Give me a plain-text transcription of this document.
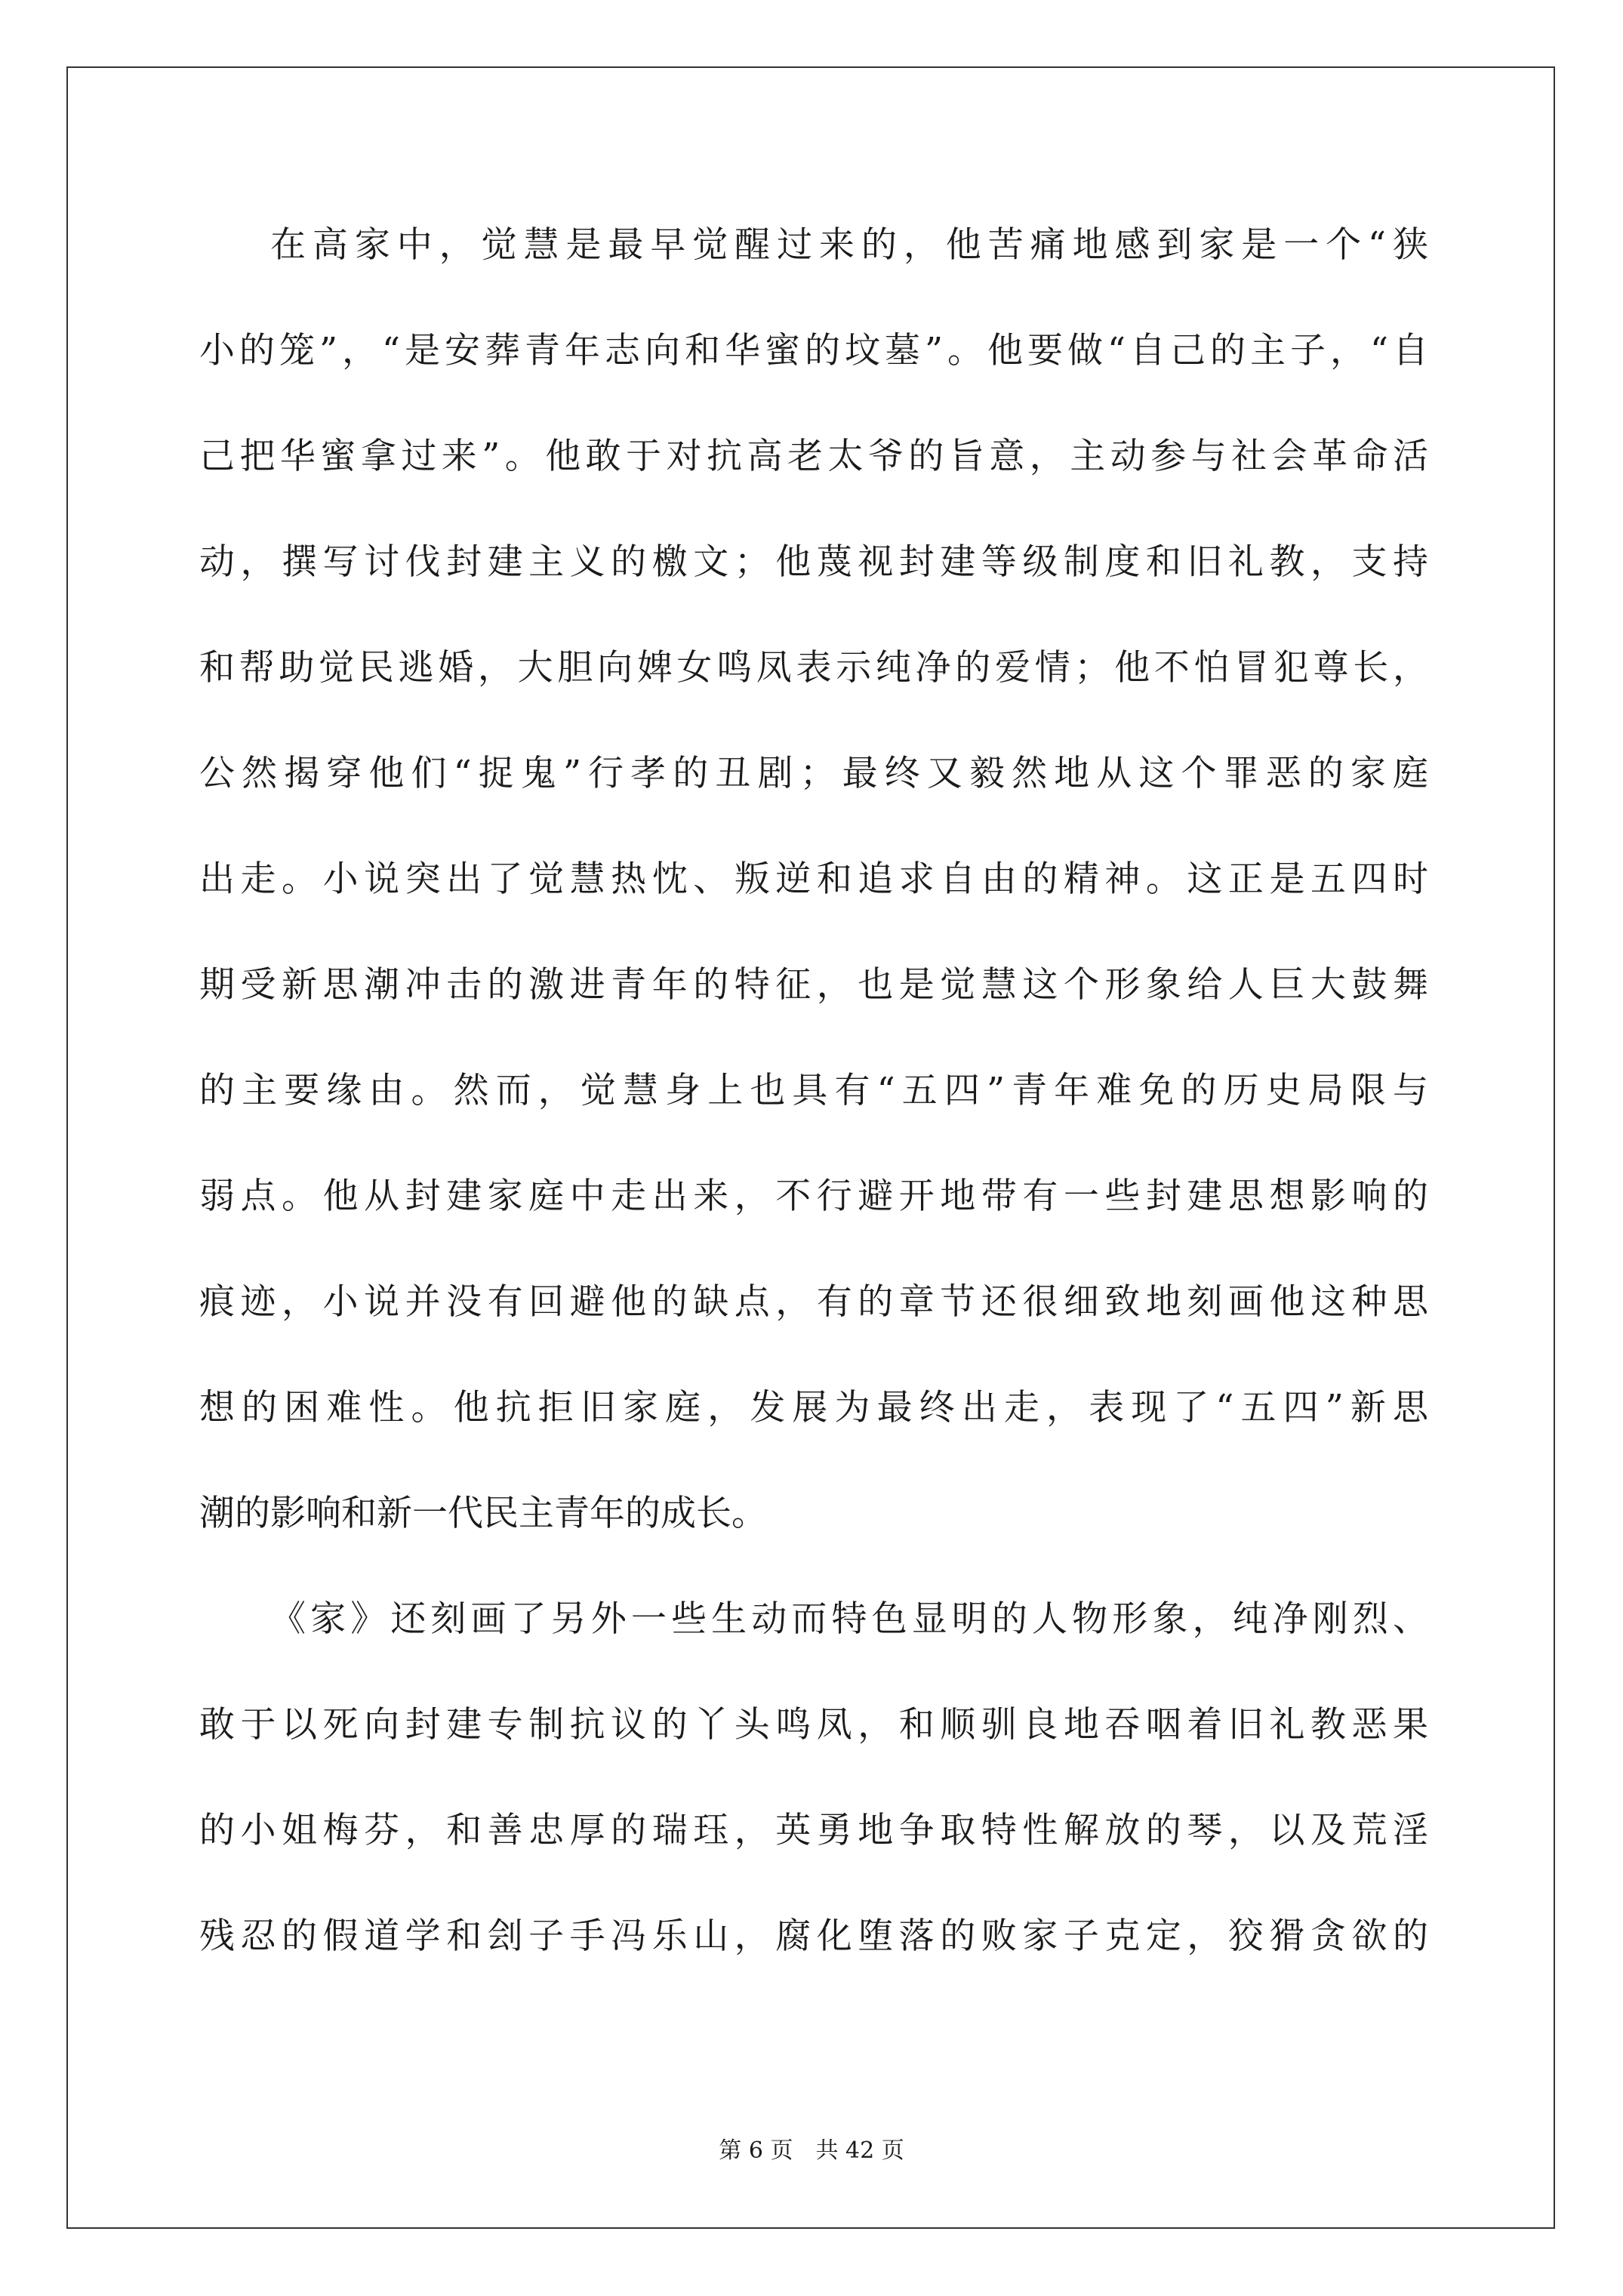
在高家中，觉慧是最早觉醒过来的，他苦痛地感到家是一个“狭
小的笼”，“是安葬青年志向和华蜜的坟墓”。他要做“自己的主子，“自
己把华蜜拿过来”。他敢于对抗高老太爷的旨意，主动参与社会革命活
动，撰写讨伐封建主义的檄文；他蔑视封建等级制度和旧礼教，支持
和帮助觉民逃婚，大胆向婢女鸣凤表示纯净的爱情；他不怕冒犯尊长，
公然揭穿他们“捉鬼”行孝的丑剧；最终又毅然地从这个罪恶的家庭
出走。小说突出了觉慧热忱、叛逆和追求自由的精神。这正是五四时
期受新思潮冲击的激进青年的特征，也是觉慧这个形象给人巨大鼓舞
的主要缘由。然而，觉慧身上也具有“五四”青年难免的历史局限与
弱点。他从封建家庭中走出来，不行避开地带有一些封建思想影响的
痕迹，小说并没有回避他的缺点，有的章节还很细致地刻画他这种思
想的困难性。他抗拒旧家庭，发展为最终出走，表现了“五四”新思
潮的影响和新一代民主青年的成长。
《家》还刻画了另外一些生动而特色显明的人物形象，纯净刚烈、
敢于以死向封建专制抗议的丫头鸣凤，和顺驯良地吞咽着旧礼教恶果
的小姐梅芬，和善忠厚的瑞珏，英勇地争取特性解放的琴，以及荒淫
残忍的假道学和刽子手冯乐山，腐化堕落的败家子克定，狡猾贪欲的
第 6 页 共 42 页
